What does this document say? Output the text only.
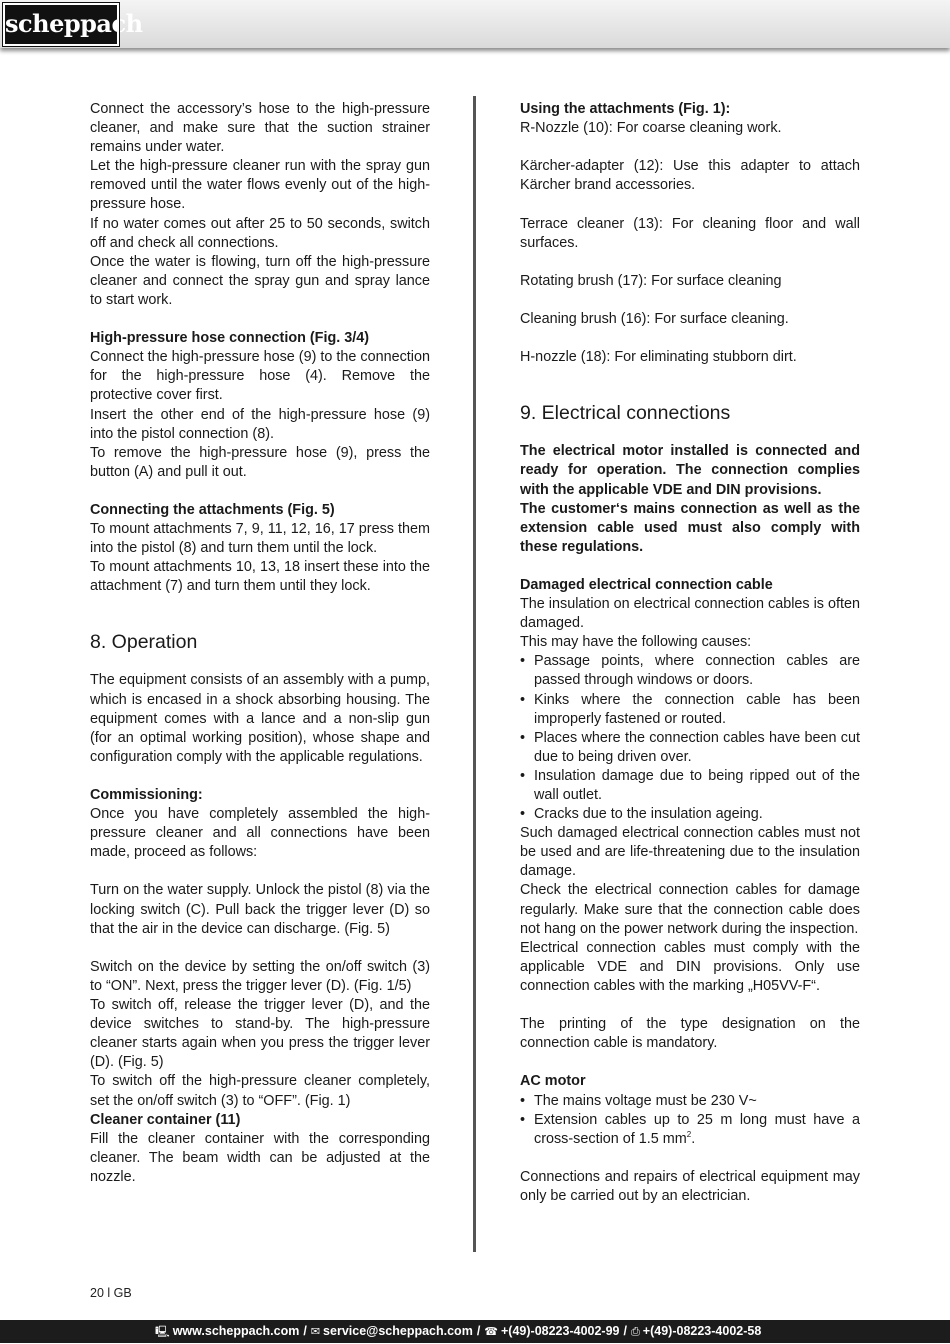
scheppach

Connect the accessory’s hose to the high-pressure cleaner, and make sure that the suction strainer remains under water.

Let the high-pressure cleaner run with the spray gun removed until the water flows evenly out of the high-pressure hose.

If no water comes out after 25 to 50 seconds, switch off and check all connections.

Once the water is flowing, turn off the high-pressure cleaner and connect the spray gun and spray lance to start work.

High-pressure hose connection (Fig. 3/4)

Connect the high-pressure hose (9) to the connection for the high-pressure hose (4). Remove the protective cover first.

Insert the other end of the high-pressure hose (9) into the pistol connection (8).

To remove the high-pressure hose (9), press the button (A) and pull it out.

Connecting the attachments (Fig. 5)

To mount attachments 7, 9, 11, 12, 16, 17 press them into the pistol (8) and turn them until the lock.

To mount attachments 10, 13, 18 insert these into the attachment (7) and turn them until they lock.

8. Operation

The equipment consists of an assembly with a pump, which is encased in a shock absorbing housing. The equipment comes with a lance and a non-slip gun (for an optimal working position), whose shape and configuration comply with the applicable regulations.

Commissioning:

Once you have completely assembled the high-pressure cleaner and all connections have been made, proceed as follows:

Turn on the water supply. Unlock the pistol (8) via the locking switch (C). Pull back the trigger lever (D) so that the air in the device can discharge. (Fig. 5)

Switch on the device by setting the on/off switch (3) to “ON”. Next, press the trigger lever (D). (Fig. 1/5)

To switch off, release the trigger lever (D), and the device switches to stand-by. The high-pressure cleaner starts again when you press the trigger lever (D). (Fig. 5)

To switch off the high-pressure cleaner completely, set the on/off switch (3) to “OFF”. (Fig. 1)

Cleaner container (11)

Fill the cleaner container with the corresponding cleaner. The beam width can be adjusted at the nozzle.

Using the attachments (Fig. 1):

R-Nozzle (10): For coarse cleaning work.

Kärcher-adapter (12): Use this adapter to attach Kärcher brand accessories.

Terrace cleaner (13): For cleaning floor and wall surfaces.

Rotating brush (17): For surface cleaning

Cleaning brush (16): For surface cleaning.

H-nozzle (18): For eliminating stubborn dirt.

9. Electrical connections

The electrical motor installed is connected and ready for operation. The connection complies with the applicable VDE and DIN provisions.

The customer‘s mains connection as well as the extension cable used must also comply with these regulations.

Damaged electrical connection cable

The insulation on electrical connection cables is often damaged.

This may have the following causes:

• Passage points, where connection cables are passed through windows or doors.
• Kinks where the connection cable has been improperly fastened or routed.
• Places where the connection cables have been cut due to being driven over.
• Insulation damage due to being ripped out of the wall outlet.
• Cracks due to the insulation ageing.

Such damaged electrical connection cables must not be used and are life-threatening due to the insulation damage.

Check the electrical connection cables for damage regularly. Make sure that the connection cable does not hang on the power network during the inspection.

Electrical connection cables must comply with the applicable VDE and DIN provisions. Only use connection cables with the marking „H05VV-F“.

The printing of the type designation on the connection cable is mandatory.

AC motor

• The mains voltage must be 230 V~
• Extension cables up to 25 m long must have a cross-section of 1.5 $mm^2$.

Connections and repairs of electrical equipment may only be carried out by an electrician.

20 l GB
🖳 www.scheppach.com / ✉ service@scheppach.com / ☎ +(49)-08223-4002-99 / ⎙ +(49)-08223-4002-58
